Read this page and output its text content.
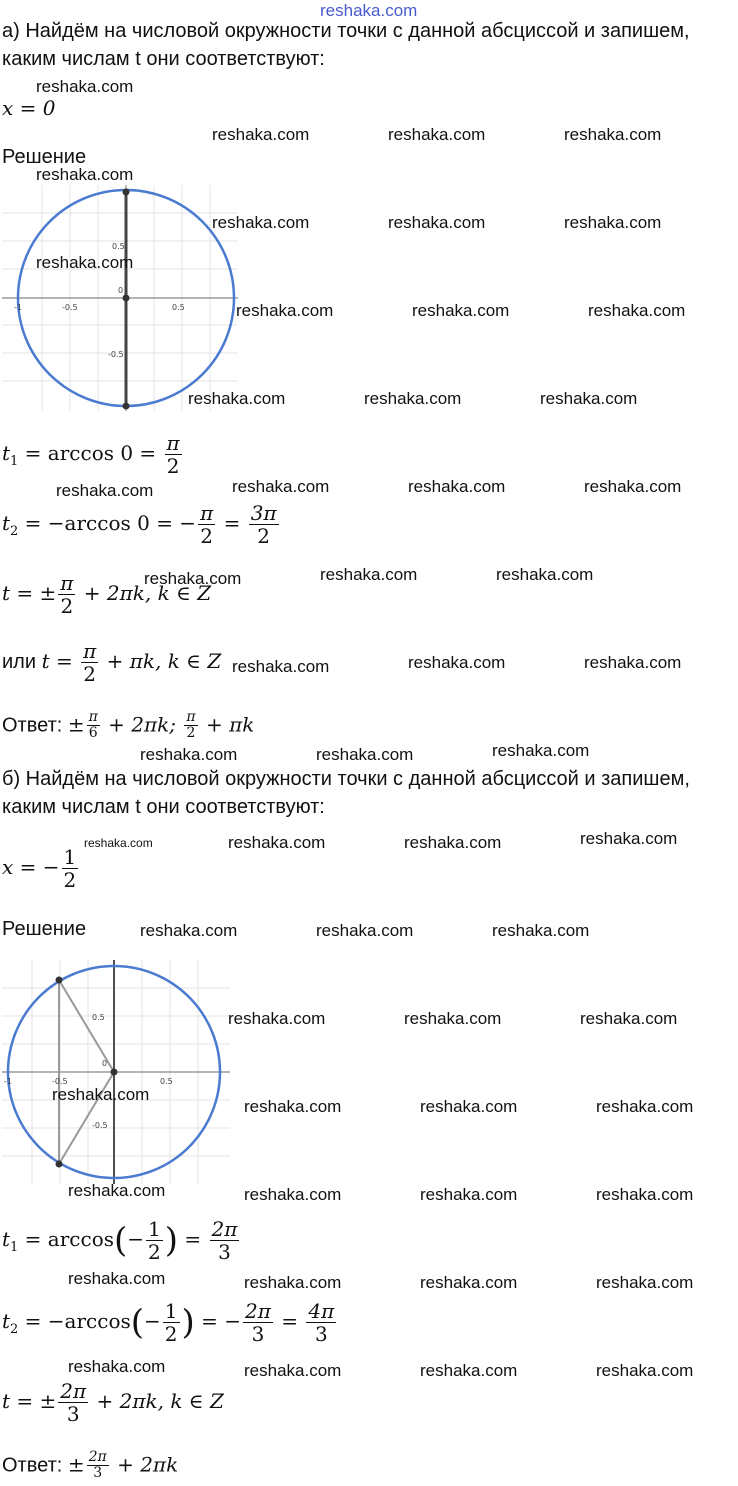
reshaka.com
а) Найдём на числовой окружности точки с данной абсциссой и запишем,
каким числам t они соответствуют:
x = 0
Решение
0.5
0
-0.5
-1	-0.5	0.5
$t_1 = \arccos 0 = \frac{\pi}{2}$
$t_2 = -\arccos$ 0 = − $\frac{\pi}{2} = \frac{3\pi}{2}$
t = ± $\frac{\pi}{2} + 2\pi k$, k ∈ Z
или $t = \frac{\pi}{2} + \pi k$, k ∈ Z
Ответ: ± $\frac{\pi}{6} + 2\pi k$; $\frac{\pi}{2} + \pi k$
б) Найдём на числовой окружности точки с данной абсциссой и запишем,
каким числам t они соответствуют:
x = − $\frac{1}{2}$
Решение
0.5
0
-1	-0.5	0.5
-0.5
$t_1 = \arccos(- \frac{1}{2}$ ) = $\frac{2\pi}{3}$
$t_2 = -\arccos(- \frac{1}{2}$ ) = − $\frac{2\pi}{3} = \frac{4\pi}{3}$
t = ± $\frac{2\pi}{3} + 2\pi k$, k ∈ Z
Ответ: ± $\frac{2\pi}{3} + 2\pi k$
reshaka.com
reshaka.com	reshaka.com	reshaka.com
reshaka.com
reshaka.com	reshaka.com	reshaka.com
reshaka.com
reshaka.com	reshaka.com	reshaka.com
reshaka.com	reshaka.com	reshaka.com
reshaka.com	reshaka.com	reshaka.com	reshaka.com
reshaka.com	reshaka.com	reshaka.com
reshaka.com	reshaka.com	reshaka.com
reshaka.com	reshaka.com	reshaka.com
reshaka.com	reshaka.com	reshaka.com	reshaka.com
reshaka.com	reshaka.com	reshaka.com
reshaka.com	reshaka.com	reshaka.com
reshaka.com
reshaka.com	reshaka.com	reshaka.com
reshaka.com	reshaka.com	reshaka.com	reshaka.com
reshaka.com	reshaka.com	reshaka.com	reshaka.com
reshaka.com	reshaka.com	reshaka.com	reshaka.com
